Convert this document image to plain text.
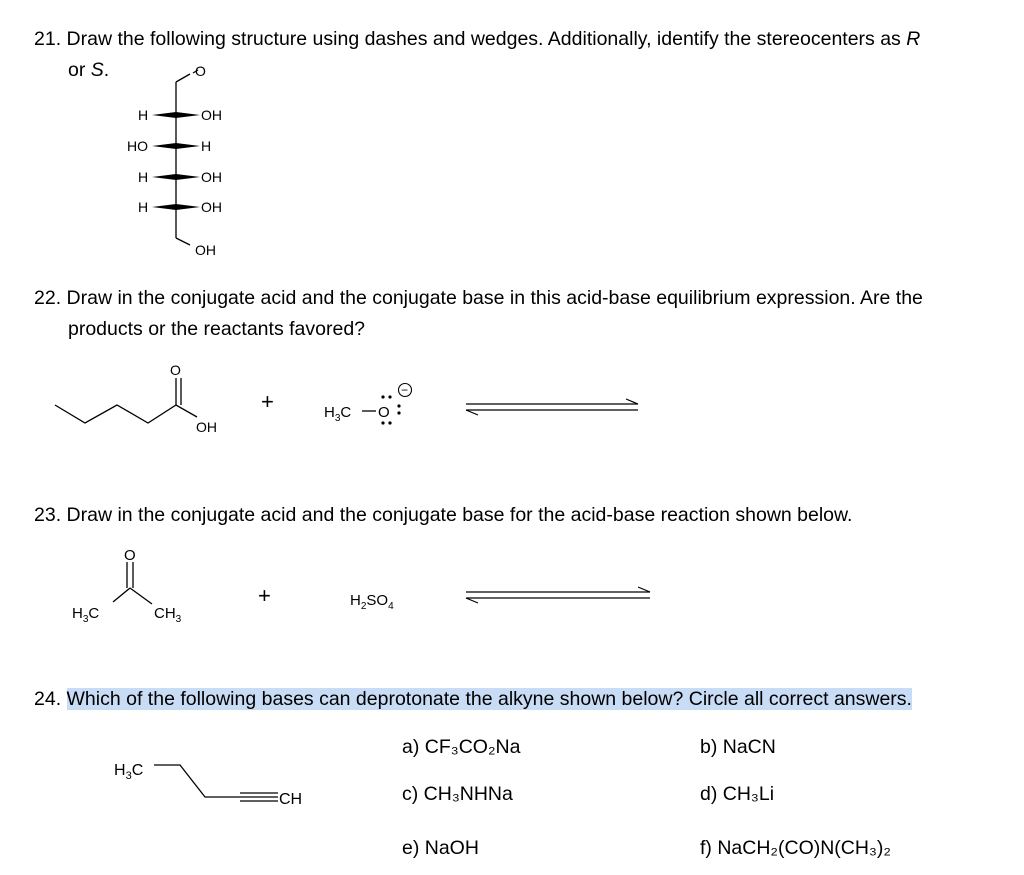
21. Draw the following structure using dashes and wedges. Additionally, identify the stereocenters as R
or S.
22. Draw in the conjugate acid and the conjugate base in this acid-base equilibrium expression. Are the
products or the reactants favored?
23. Draw in the conjugate acid and the conjugate base for the acid-base reaction shown below.
24. Which of the following bases can deprotonate the alkyne shown below? Circle all correct answers.
a) CF₃CO₂Na	b) NaCN
c) CH₃NHNa	d) CH₃Li
e) NaOH	f) NaCH₂(CO)N(CH₃)₂
O
H	OH
HO	H
H	OH
H	OH
OH
O
OH
+	$H_3C$ O
−
O
$H_3C$	$CH_3$
+	$H_2SO_4$
$H_3C$
CH
